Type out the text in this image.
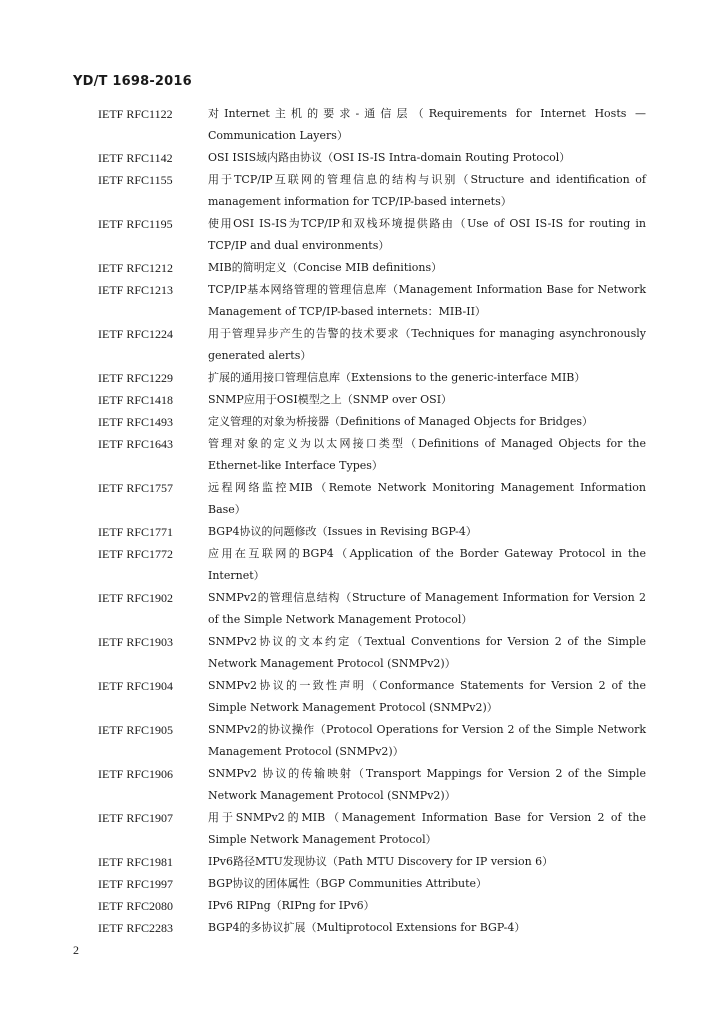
YD/T 1698-2016
IETF RFC1122	对Internet主机的要求-通信层（Requirements for Internet Hosts — Communication Layers）
IETF RFC1142	OSI ISIS域内路由协议（OSI IS-IS Intra-domain Routing Protocol）
IETF RFC1155	用于TCP/IP互联网的管理信息的结构与识别（Structure and identification of management information for TCP/IP-based internets）
IETF RFC1195	使用OSI IS-IS为TCP/IP和双栈环境提供路由（Use of OSI IS-IS for routing in TCP/IP and dual environments）
IETF RFC1212	MIB的简明定义（Concise MIB definitions）
IETF RFC1213	TCP/IP基本网络管理的管理信息库（Management Information Base for Network Management of TCP/IP-based internets：MIB-II）
IETF RFC1224	用于管理异步产生的告警的技术要求（Techniques for managing asynchronously generated alerts）
IETF RFC1229	扩展的通用接口管理信息库（Extensions to the generic-interface MIB）
IETF RFC1418	SNMP应用于OSI模型之上（SNMP over OSI）
IETF RFC1493	定义管理的对象为桥接器（Definitions of Managed Objects for Bridges）
IETF RFC1643	管理对象的定义为以太网接口类型（Definitions of Managed Objects for the Ethernet-like Interface Types）
IETF RFC1757	远程网络监控MIB（Remote Network Monitoring Management Information Base）
IETF RFC1771	BGP4协议的问题修改（Issues in Revising BGP-4）
IETF RFC1772	应用在互联网的BGP4（Application of the Border Gateway Protocol in the Internet）
IETF RFC1902	SNMPv2的管理信息结构（Structure of Management Information for Version 2 of the Simple Network Management Protocol）
IETF RFC1903	SNMPv2协议的文本约定（Textual Conventions for Version 2 of the Simple Network Management Protocol (SNMPv2)）
IETF RFC1904	SNMPv2协议的一致性声明（Conformance Statements for Version 2 of the Simple Network Management Protocol (SNMPv2)）
IETF RFC1905	SNMPv2的协议操作（Protocol Operations for Version 2 of the Simple Network Management Protocol (SNMPv2)）
IETF RFC1906	SNMPv2 协议的传输映射（Transport Mappings for Version 2 of the Simple Network Management Protocol (SNMPv2)）
IETF RFC1907	用于SNMPv2的MIB（Management Information Base for Version 2 of the Simple Network Management Protocol）
IETF RFC1981	IPv6路径MTU发现协议（Path MTU Discovery for IP version 6）
IETF RFC1997	BGP协议的团体属性（BGP Communities Attribute）
IETF RFC2080	IPv6 RIPng（RIPng for IPv6）
IETF RFC2283	BGP4的多协议扩展（Multiprotocol Extensions for BGP-4）
2
